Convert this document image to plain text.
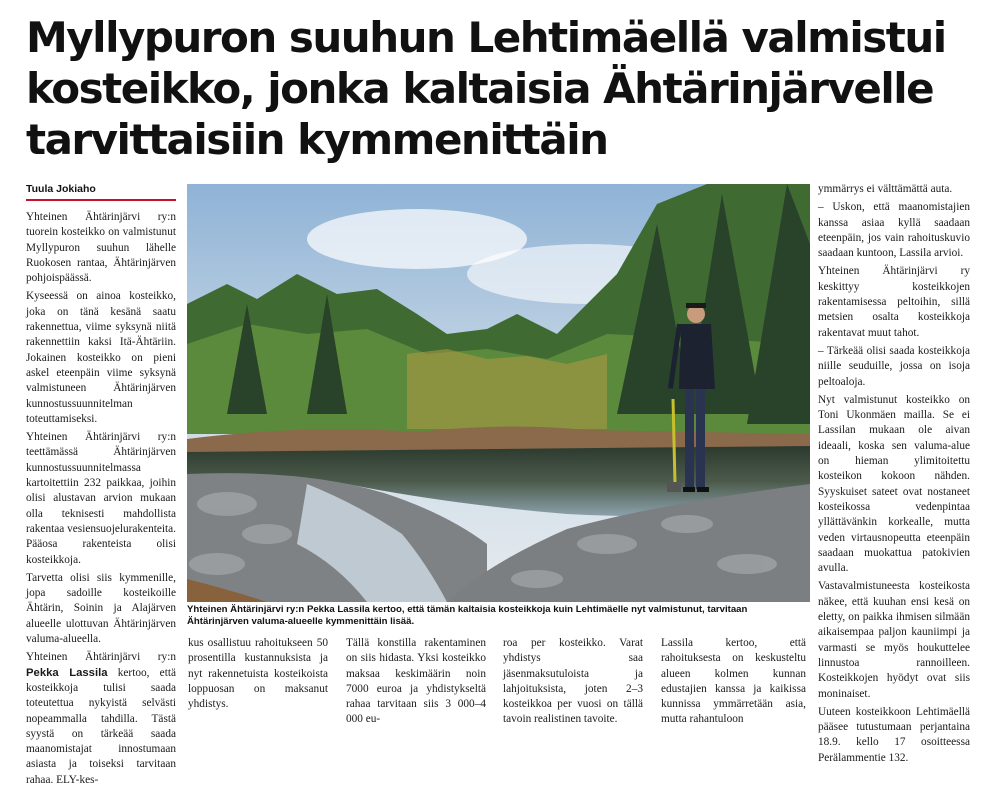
Myllypuron suuhun Lehtimäellä valmistui kosteikko, jonka kaltaisia Ähtärinjärvelle tarvittaisiin kymmenittäin
Tuula Jokiaho

Yhteinen Ähtärinjärvi ry:n tuorein kosteikko on valmistunut Myllypuron suuhun lähelle Ruokosen rantaa, Ähtärinjärven pohjoispäässä.

Kyseessä on ainoa kosteikko, joka on tänä kesänä saatu rakennettua, viime syksynä niitä rakennettiin kaksi Itä-Ähtäriin. Jokainen kosteikko on pieni askel eteenpäin viime syksynä valmistuneen Ähtärinjärven kunnostussuunnitelman toteuttamiseksi.

Yhteinen Ähtärinjärvi ry:n teettämässä Ähtärinjärven kunnostussuunnitelmassa kartoitettiin 232 paikkaa, joihin olisi alustavan arvion mukaan olla teknisesti mahdollista rakentaa vesiensuojelurakenteita. Pääosa rakenteista olisi kosteikkoja.

Tarvetta olisi siis kymmenille, jopa sadoille kosteikoille Ähtärin, Soinin ja Alajärven alueelle ulottuvan Ähtärinjärven valuma-alueella.

Yhteinen Ähtärinjärvi ry:n Pekka Lassila kertoo, että kosteikkoja tulisi saada toteutettua nykyistä selvästi nopeammalla tahdilla. Tästä syystä on tärkeää saada maanomistajat innostumaan asiasta ja toiseksi tarvitaan rahaa. ELY-kes-

Yhteinen Ähtärinjärvi ry:n Pekka Lassila kertoo, että tämän kaltaisia kosteikkoja kuin Lehtimäelle nyt valmistunut, tarvitaan Ähtärinjärven valuma-alueelle kymmenittäin lisää.

kus osallistuu rahoitukseen 50 prosentilla kustannuksista ja nyt rakennetuista kosteikoista loppuosan on maksanut yhdistys.

Tällä konstilla rakentaminen on siis hidasta. Yksi kosteikko maksaa keskimäärin noin 7000 euroa ja yhdistykseltä rahaa tarvitaan siis 3 000–4 000 eu-

roa per kosteikko. Varat yhdistys saa jäsenmaksutuloista ja lahjoituksista, joten 2–3 kosteikkoa per vuosi on tällä tavoin realistinen tavoite.

Lassila kertoo, että rahoituksesta on keskusteltu alueen kolmen kunnan edustajien kanssa ja kaikissa kunnissa ymmärretään asia, mutta rahantuloon

ymmärrys ei välttämättä auta.

– Uskon, että maanomistajien kanssa asiaa kyllä saadaan eteenpäin, jos vain rahoituskuvio saadaan kuntoon, Lassila arvioi.

Yhteinen Ähtärinjärvi ry keskittyy kosteikkojen rakentamisessa peltoihin, sillä metsien osalta kosteikkoja rakentavat muut tahot.

– Tärkeää olisi saada kosteikkoja niille seuduille, jossa on isoja peltoaloja.

Nyt valmistunut kosteikko on Toni Ukonmäen mailla. Se ei Lassilan mukaan ole aivan ideaali, koska sen valuma-alue on hieman ylimitoitettu kosteikon kokoon nähden. Syyskuiset sateet ovat nostaneet kosteikossa vedenpintaa yllättävänkin korkealle, mutta veden virtausnopeutta eteenpäin saadaan muokattua patokivien avulla.

Vastavalmistuneesta kosteikosta näkee, että kuuhan ensi kesä on eletty, on paikka ihmisen silmään aikaisempaa paljon kauniimpi ja varmasti se myös houkuttelee linnustoa rannoilleen. Kosteikkojen hyödyt ovat siis moninaiset.

Uuteen kosteikkoon Lehtimäellä pääsee tutustumaan perjantaina 18.9. kello 17 osoitteessa Perälammentie 132.
